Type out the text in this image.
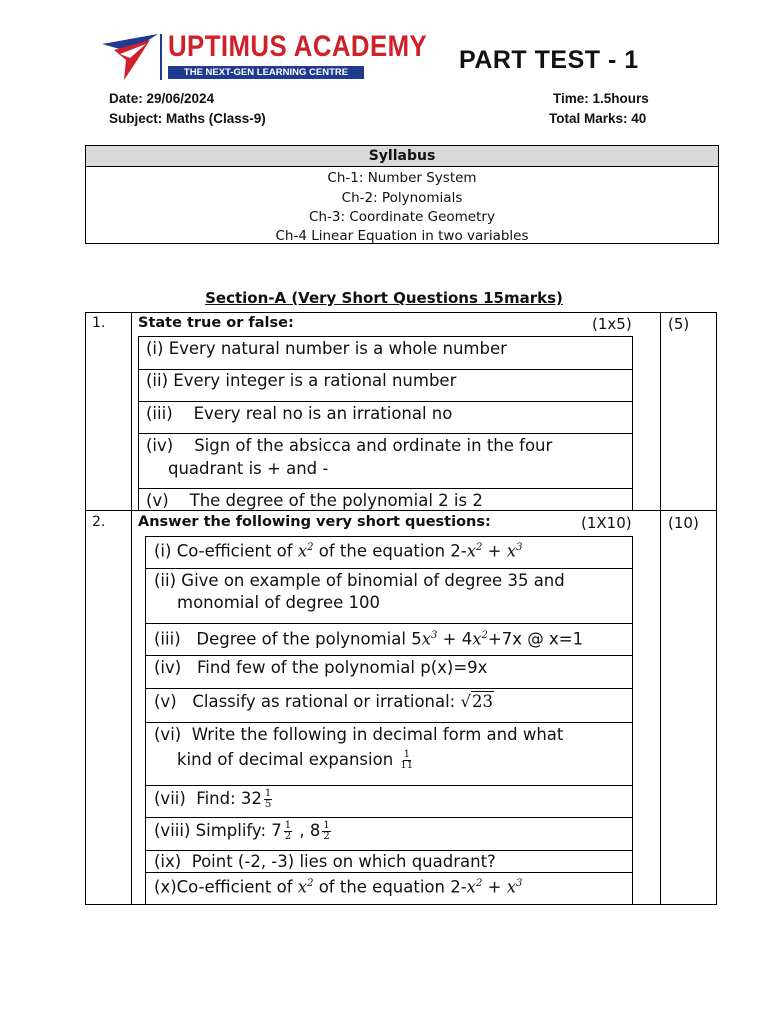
UPTIMUS ACADEMY
THE NEXT-GEN LEARNING CENTRE	PART TEST - 1
Date: 29/06/2024
Subject: Maths (Class-9)
Time: 1.5hours
Total Marks: 40
Syllabus
Ch-1: Number System
Ch-2: Polynomials
Ch-3: Coordinate Geometry
Ch-4 Linear Equation in two variables
Section-A (Very Short Questions 15marks)
1. State true or false:	(1x5) (5)
(i) Every natural number is a whole number
(ii) Every integer is a rational number
(iii)    Every real no is an irrational no
(iv)    Sign of the absicca and ordinate in the four
quadrant is + and -
(v)    The degree of the polynomial 2 is 2
2. Answer the following very short questions:	(1X10) (10)
(i) Co-efficient of $x^2$ of the equation $2-x^2 + x^3$
(ii) Give on example of binomial of degree 35 and
monomial of degree 100
(iii)   Degree of the polynomial $5x^3 + 4x^2+7x$ @ x=1
(iv)   Find few of the polynomial p(x)=9x
(v)   Classify as rational or irrational: √23
(vi)  Write the following in decimal form and what
kind of decimal expansion $\frac{1}{11}$
(vii)  Find: $32 \frac{1}{5}$
(viii) Simplify: $7 \frac{1}{2}$ , $8 \frac{1}{2}$
(ix)  Point (-2, -3) lies on which quadrant?
(x)Co-efficient of $x^2$ of the equation $2-x^2 + x^3$
